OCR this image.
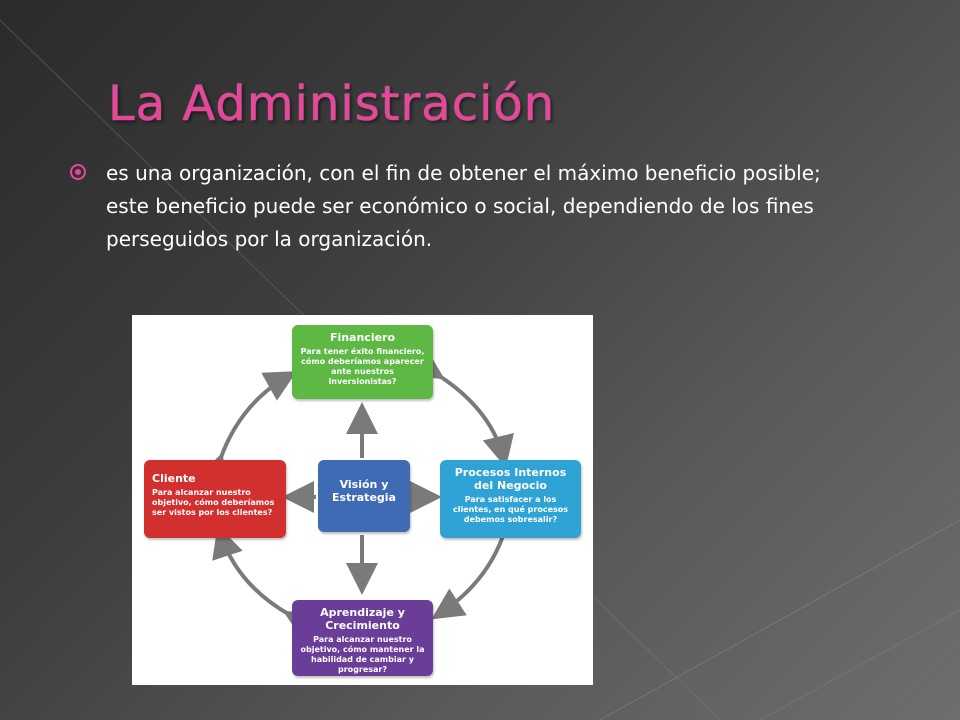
La Administración
es una organización, con el fin de obtener el máximo beneficio posible; este beneficio puede ser económico o social, dependiendo de los fines perseguidos por la organización.
Financiero
Para tener éxito financiero, cómo deberíamos aparecer ante nuestros inversionistas?
Cliente
Para alcanzar nuestro objetivo, cómo deberíamos ser vistos por los clientes?
Visión y Estrategia
Procesos Internos del Negocio
Para satisfacer a los clientes, en qué procesos debemos sobresalir?
Aprendizaje y Crecimiento
Para alcanzar nuestro objetivo, cómo mantener la habilidad de cambiar y progresar?
